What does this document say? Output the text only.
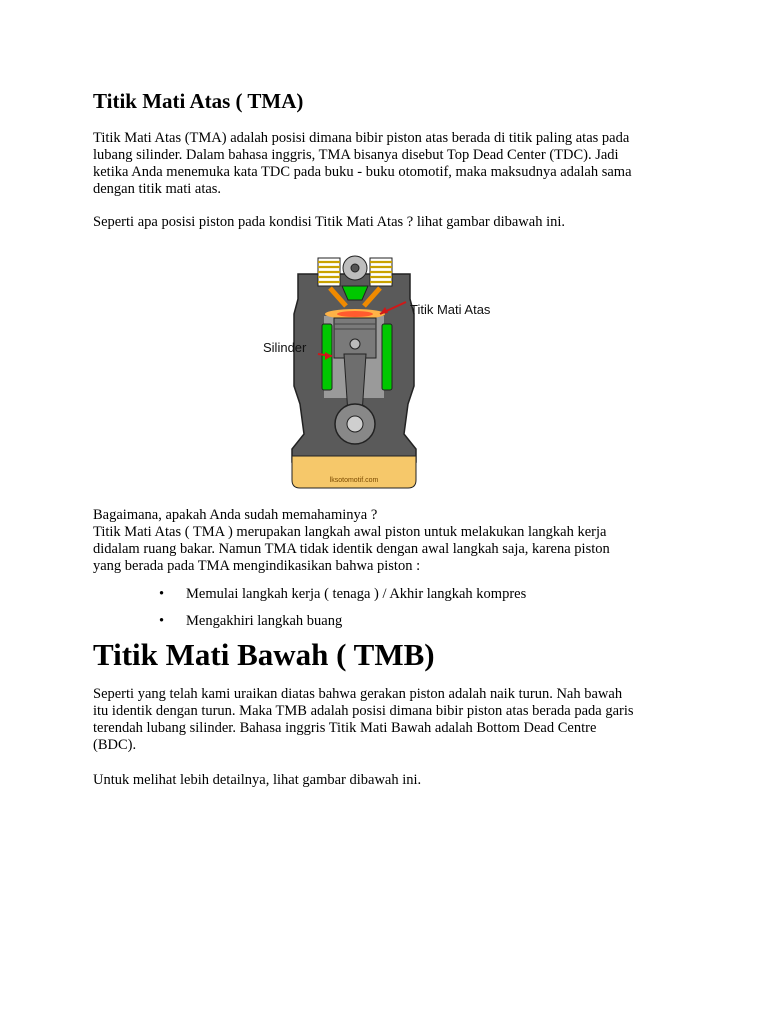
Titik Mati Atas ( TMA)

Titik Mati Atas (TMA) adalah posisi dimana bibir piston atas berada di titik paling atas pada
lubang silinder. Dalam bahasa inggris, TMA bisanya disebut Top Dead Center (TDC). Jadi
ketika Anda menemuka kata TDC pada buku - buku otomotif, maka maksudnya adalah sama
dengan titik mati atas.

Seperti apa posisi piston pada kondisi Titik Mati Atas ? lihat gambar dibawah ini.

Bagaimana, apakah Anda sudah memahaminya ?
Titik Mati Atas ( TMA ) merupakan langkah awal piston untuk melakukan langkah kerja
didalam ruang bakar. Namun TMA tidak identik dengan awal langkah saja, karena piston
yang berada pada TMA mengindikasikan bahwa piston :

• Memulai langkah kerja ( tenaga ) / Akhir langkah kompres
• Mengakhiri langkah buang
Titik Mati Bawah ( TMB)

Seperti yang telah kami uraikan diatas bahwa gerakan piston adalah naik turun. Nah bawah
itu identik dengan turun. Maka TMB adalah posisi dimana bibir piston atas berada pada garis
terendah lubang silinder. Bahasa inggris Titik Mati Bawah adalah Bottom Dead Centre
(BDC).

Untuk melihat lebih detailnya, lihat gambar dibawah ini.

lksotomotif.com
Titik Mati Atas
Silinder
